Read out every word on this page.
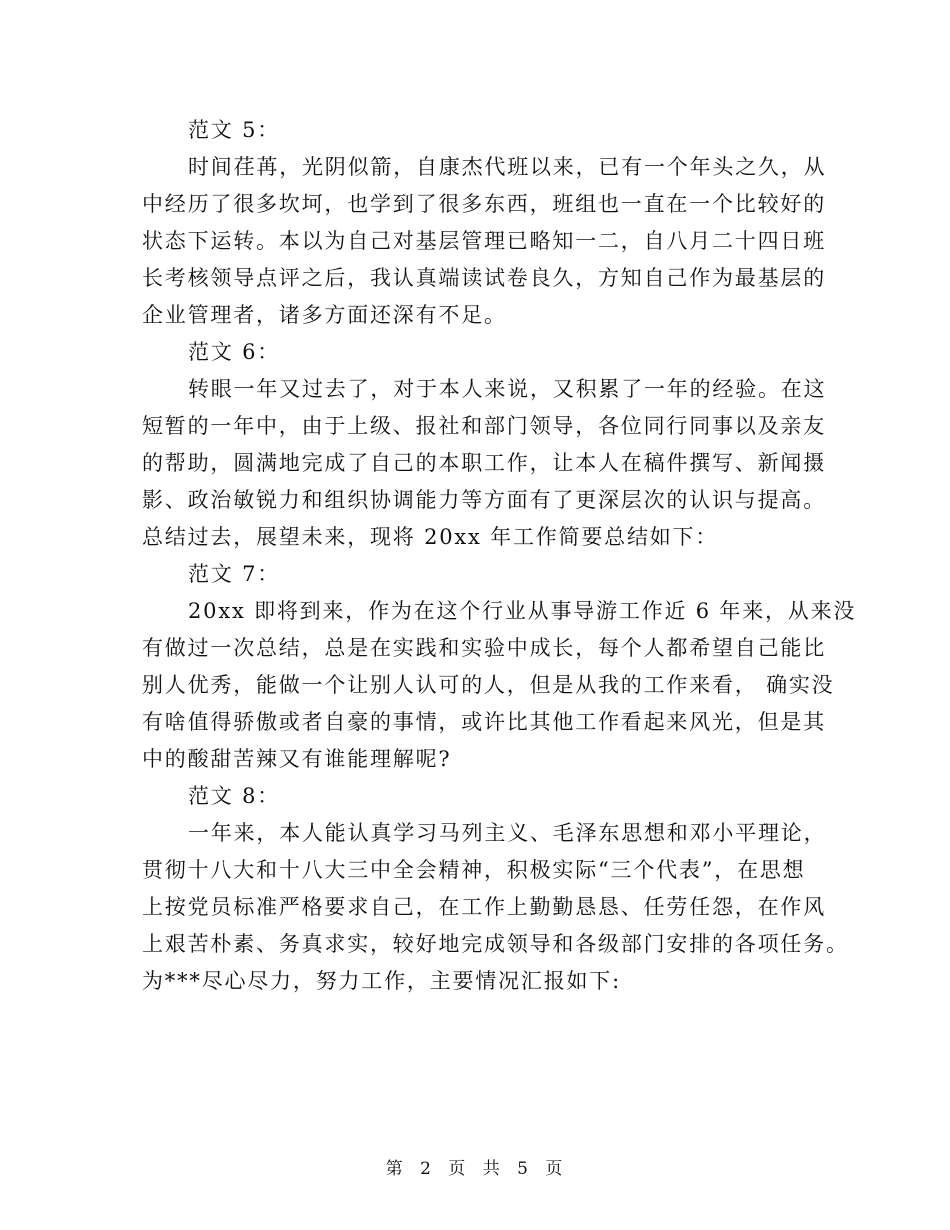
范文 5：
时间荏苒，光阴似箭，自康杰代班以来，已有一个年头之久，从
中经历了很多坎坷，也学到了很多东西，班组也一直在一个比较好的
状态下运转。本以为自己对基层管理已略知一二，自八月二十四日班
长考核领导点评之后，我认真端读试卷良久，方知自己作为最基层的
企业管理者，诸多方面还深有不足。
范文 6：
转眼一年又过去了，对于本人来说，又积累了一年的经验。在这
短暂的一年中，由于上级、报社和部门领导，各位同行同事以及亲友
的帮助，圆满地完成了自己的本职工作，让本人在稿件撰写、新闻摄
影、政治敏锐力和组织协调能力等方面有了更深层次的认识与提高。
总结过去，展望未来，现将 20xx 年工作简要总结如下：
范文 7：
20xx 即将到来，作为在这个行业从事导游工作近 6 年来，从来没
有做过一次总结，总是在实践和实验中成长，每个人都希望自己能比
别人优秀，能做一个让别人认可的人，但是从我的工作来看， 确实没
有啥值得骄傲或者自豪的事情，或许比其他工作看起来风光，但是其
中的酸甜苦辣又有谁能理解呢?
范文 8：
一年来，本人能认真学习马列主义、毛泽东思想和邓小平理论，
贯彻十八大和十八大三中全会精神，积极实际“三个代表”，在思想
上按党员标准严格要求自己，在工作上勤勤恳恳、任劳任怨，在作风
上艰苦朴素、务真求实，较好地完成领导和各级部门安排的各项任务。
为***尽心尽力，努力工作，主要情况汇报如下:
第 2 页 共 5 页
